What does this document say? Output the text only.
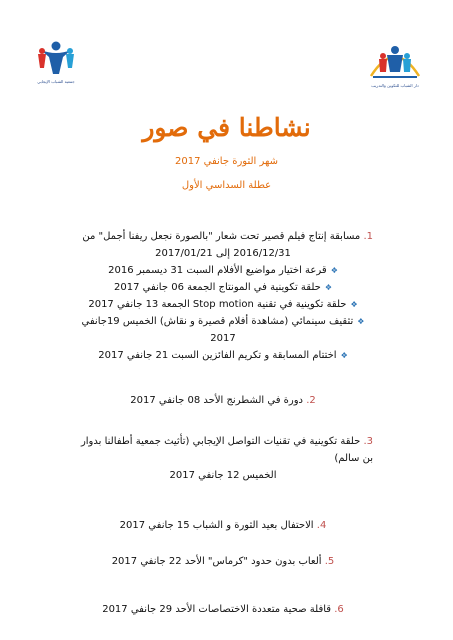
جمعية الشباب الإيجابي
دار الشباب للتكوين والتدريب
نشاطنا في صور
شهر الثورة جانفي 2017
عطلة السداسي الأول
1 . مسابقة إنتاج فيلم قصير تحت شعار "بالصورة نجعل ريفنا أجمل" من
2016/12/31 إلى 2017/01/21
❖قرعة اختيار مواضيع الأفلام السبت 31 ديسمبر 2016
❖حلقة تكوينية في المونتاج الجمعة 06 جانفي 2017
❖حلقة تكوينية في تقنية Stop motion الجمعة 13 جانفي 2017
❖تثقيف سينمائي (مشاهدة أفلام قصيرة و نقاش) الخميس 19جانفي 2017
❖اختتام المسابقة و تكريم الفائزين السبت 21 جانفي 2017
2 . دورة في الشطرنج الأحد 08 جانفي 2017
3 . حلقة تكوينية في تقنيات التواصل الإيجابي (تأثيث جمعية أطفالنا بدوار بن سالم)
الخميس 12 جانفي 2017
4 . الاحتفال بعيد الثورة و الشباب 15 جانفي 2017
5 . ألعاب بدون حدود "كرماس" الأحد 22 جانفي 2017
6 . قافلة صحية متعددة الاختصاصات الأحد 29 جانفي 2017
